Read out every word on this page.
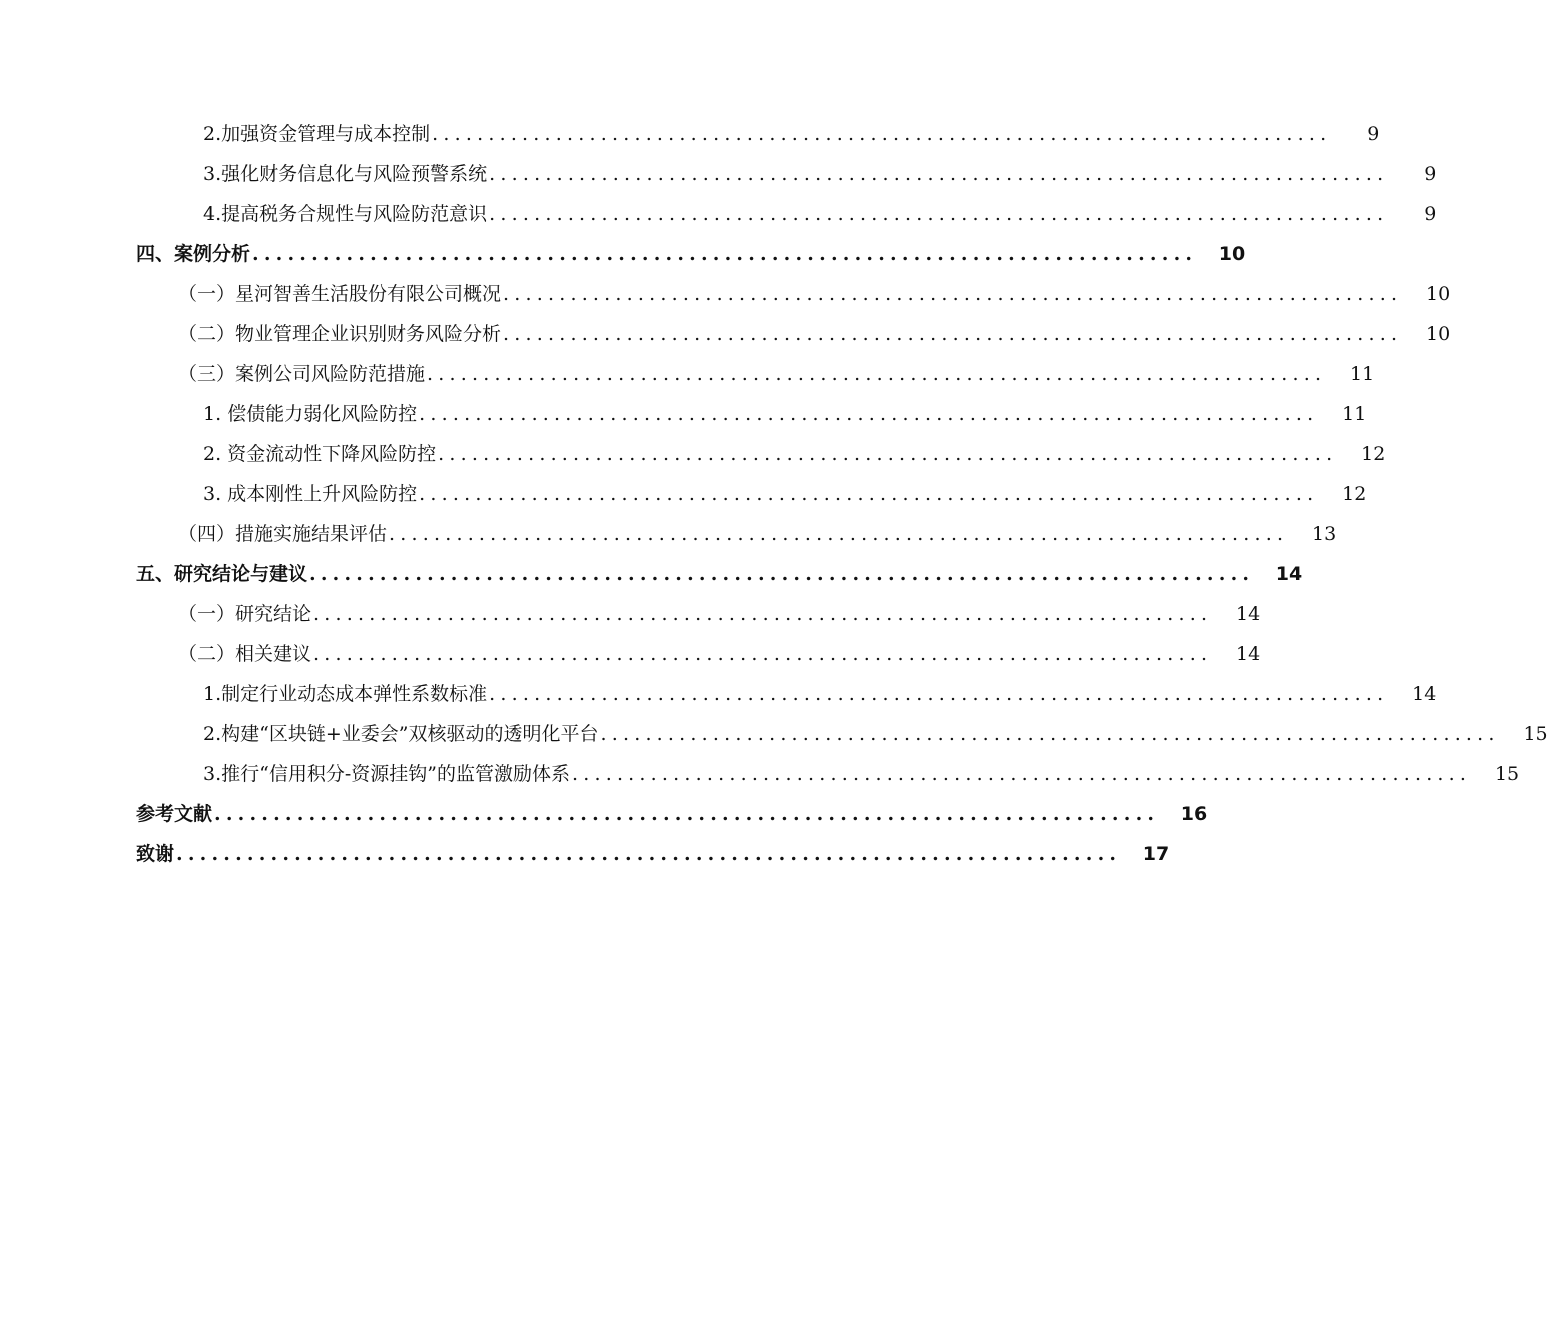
2.加强资金管理与成本控制 ................................................................................	9
3.强化财务信息化与风险预警系统 ................................................................................	9
4.提高税务合规性与风险防范意识 ................................................................................	9
四、案例分析 ................................................................................	10
（一）星河智善生活股份有限公司概况 ................................................................................	10
（二）物业管理企业识别财务风险分析 ................................................................................	10
（三）案例公司风险防范措施 ................................................................................	11
1. 偿债能力弱化风险防控 ................................................................................	11
2. 资金流动性下降风险防控 ................................................................................	12
3. 成本刚性上升风险防控 ................................................................................	12
（四）措施实施结果评估 ................................................................................	13
五、研究结论与建议 ................................................................................	14
（一）研究结论 ................................................................................	14
（二）相关建议 ................................................................................	14
1.制定行业动态成本弹性系数标准 ................................................................................	14
2.构建“区块链+业委会”双核驱动的透明化平台 ................................................................................	15
3.推行“信用积分-资源挂钩”的监管激励体系 ................................................................................	15
参考文献 ................................................................................	16
致谢 ................................................................................	17
